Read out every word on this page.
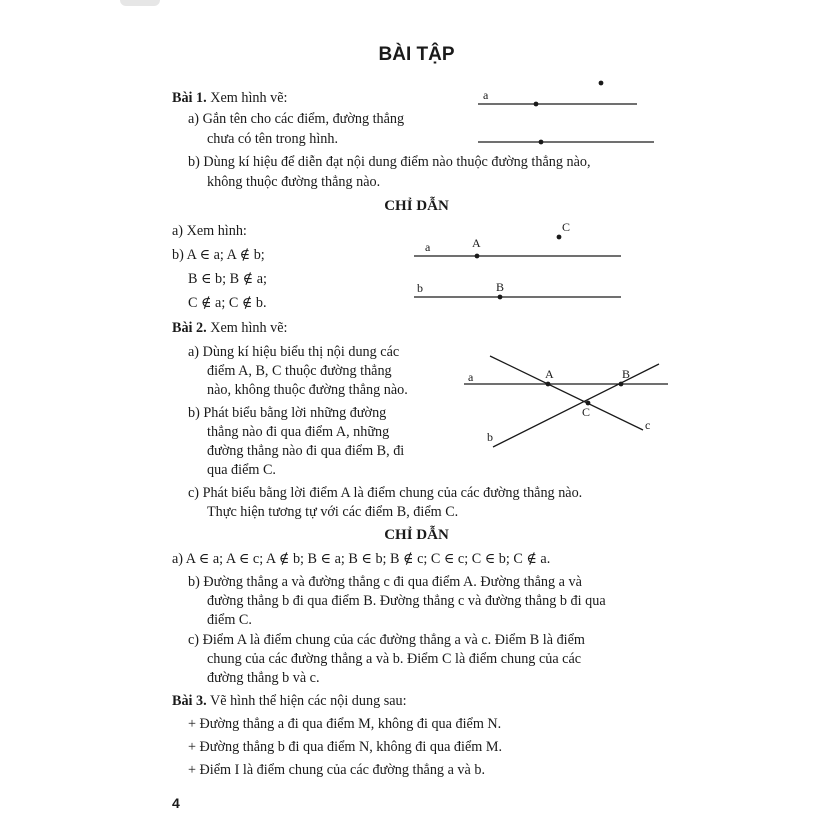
BÀI TẬP
Bài 1. Xem hình vẽ:
a) Gắn tên cho các điểm, đường thẳng
chưa có tên trong hình.
b) Dùng kí hiệu để diễn đạt nội dung điểm nào thuộc đường thẳng nào,
không thuộc đường thẳng nào.
CHỈ DẪN
a) Xem hình:
b) A ∈ a; A ∉ b;
B ∈ b; B ∉ a;
C ∉ a; C ∉ b.
Bài 2. Xem hình vẽ:
a) Dùng kí hiệu biểu thị nội dung các
điểm A, B, C thuộc đường thẳng
nào, không thuộc đường thẳng nào.
b) Phát biểu bằng lời những đường
thẳng nào đi qua điểm A, những
đường thẳng nào đi qua điểm B, đi
qua điểm C.
c) Phát biểu bằng lời điểm A là điểm chung của các đường thẳng nào.
Thực hiện tương tự với các điểm B, điểm C.
CHỈ DẪN
a) A ∈ a; A ∈ c; A ∉ b; B ∈ a; B ∈ b; B ∉ c; C ∈ c; C ∈ b; C ∉ a.
b) Đường thẳng a và đường thẳng c đi qua điểm A. Đường thẳng a và
đường thẳng b đi qua điểm B. Đường thẳng c và đường thẳng b đi qua
điểm C.
c) Điểm A là điểm chung của các đường thẳng a và c. Điểm B là điểm
chung của các đường thẳng a và b. Điểm C là điểm chung của các
đường thẳng b và c.
Bài 3. Vẽ hình thể hiện các nội dung sau:
+ Đường thẳng a đi qua điểm M, không đi qua điểm N.
+ Đường thẳng b đi qua điểm N, không đi qua điểm M.
+ Điểm I là điểm chung của các đường thẳng a và b.
4
a
a
b
A
B
C
a
b
c
A	B
C
